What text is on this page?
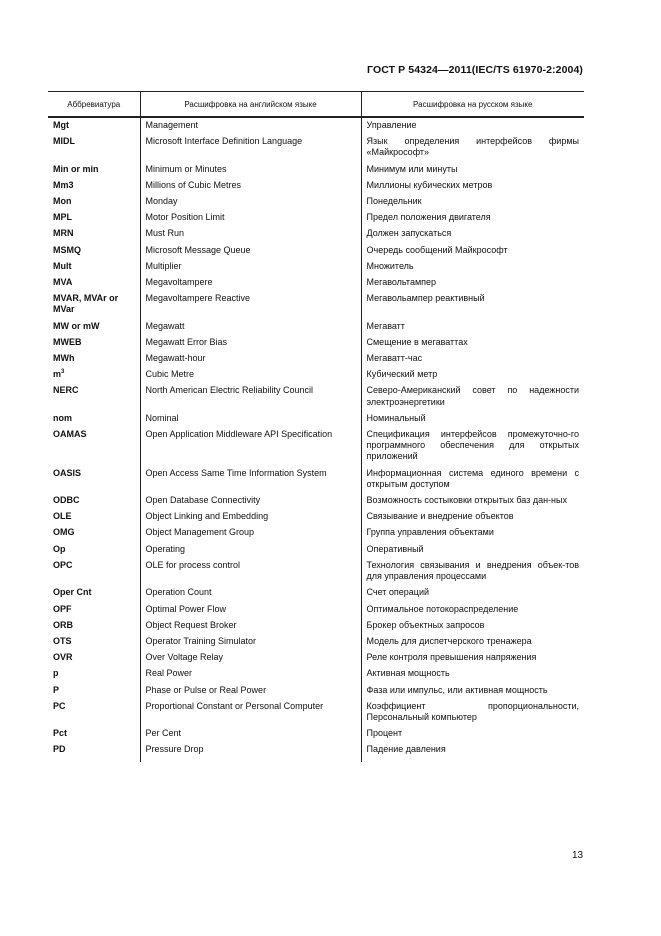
ГОСТ Р 54324—2011(IEC/TS 61970-2:2004)
Аббревиатура	Расшифровка на английском языке	Расшифровка на русском языке
Mgt	Management	Управление
MIDL	Microsoft Interface Definition Language	Язык определения интерфейсов фирмы «Майкрософт»
Min or min	Minimum or Minutes	Минимум или минуты
Mm3	Millions of Cubic Metres	Миллионы кубических метров
Mon	Monday	Понедельник
MPL	Motor Position Limit	Предел положения двигателя
MRN	Must Run	Должен запускаться
MSMQ	Microsoft Message Queue	Очередь сообщений Майкрософт
Mult	Multiplier	Множитель
MVA	Megavoltampere	Мегавольтампер
MVAR, MVAr or MVar	Megavoltampere Reactive	Мегавольампер реактивный
MW or mW	Megawatt	Мегаватт
MWEB	Megawatt Error Bias	Смещение в мегаваттах
MWh	Megawatt-hour	Мегаватт-час
$m^3$	Cubic Metre	Кубический метр
NERC	North American Electric Reliability Council	Северо-Американский совет по надежности электроэнергетики
nom	Nominal	Номинальный
OAMAS	Open Application Middleware API Specification	Спецификация интерфейсов промежуточно-го программного обеспечения для открытых приложений
OASIS	Open Access Same Time Information System	Информационная система единого времени с открытым доступом
ODBC	Open Database Connectivity	Возможность состыковки открытых баз дан-ных
OLE	Object Linking and Embedding	Связывание и внедрение объектов
OMG	Object Management Group	Группа управления объектами
Op	Operating	Оперативный
OPC	OLE for process control	Технология связывания и внедрения объек-тов для управления процессами
Oper Cnt	Operation Count	Счет операций
OPF	Optimal Power Flow	Оптимальное потокораспределение
ORB	Object Request Broker	Брокер объектных запросов
OTS	Operator Training Simulator	Модель для диспетчерского тренажера
OVR	Over Voltage Relay	Реле контроля превышения напряжения
p	Real Power	Активная мощность
P	Phase or Pulse or Real Power	Фаза или импульс, или активная мощность
PC	Proportional Constant or Personal Computer	Коэффициент пропорциональности, Персональный компьютер
Pct	Per Cent	Процент
PD	Pressure Drop	Падение давления
13
